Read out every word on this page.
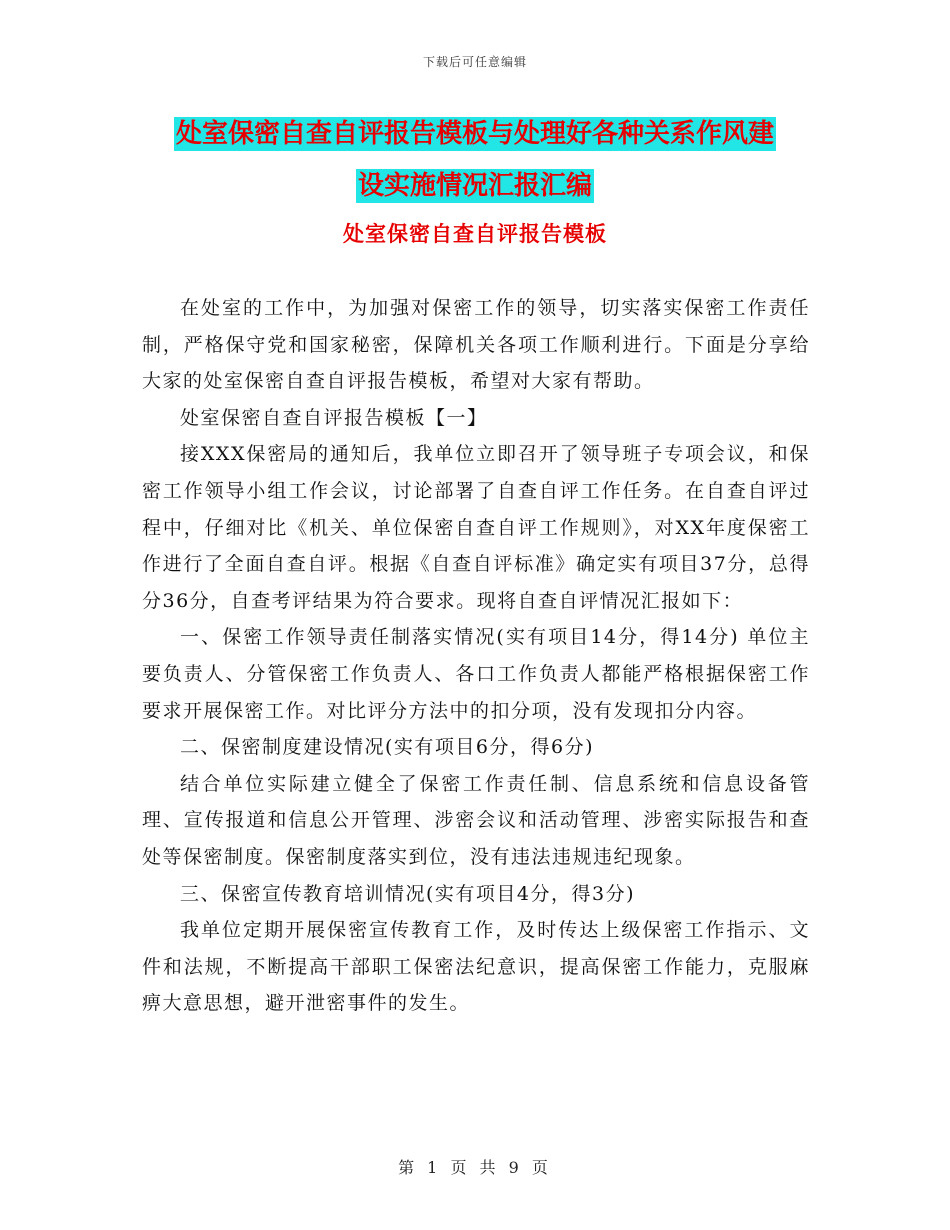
下载后可任意编辑
处室保密自查自评报告模板与处理好各种关系作风建
设实施情况汇报汇编
处室保密自查自评报告模板

在处室的工作中，为加强对保密工作的领导，切实落实保密工作责任制，严格保守党和国家秘密，保障机关各项工作顺利进行。下面是分享给大家的处室保密自查自评报告模板，希望对大家有帮助。

处室保密自查自评报告模板【一】

接XXX保密局的通知后，我单位立即召开了领导班子专项会议，和保密工作领导小组工作会议，讨论部署了自查自评工作任务。在自查自评过程中，仔细对比《机关、单位保密自查自评工作规则》，对XX年度保密工作进行了全面自查自评。根据《自查自评标准》确定实有项目37分，总得分36分，自查考评结果为符合要求。现将自查自评情况汇报如下：

一、保密工作领导责任制落实情况(实有项目14分，得14分) 单位主要负责人、分管保密工作负责人、各口工作负责人都能严格根据保密工作要求开展保密工作。对比评分方法中的扣分项，没有发现扣分内容。

二、保密制度建设情况(实有项目6分，得6分)

结合单位实际建立健全了保密工作责任制、信息系统和信息设备管理、宣传报道和信息公开管理、涉密会议和活动管理、涉密实际报告和查处等保密制度。保密制度落实到位，没有违法违规违纪现象。

三、保密宣传教育培训情况(实有项目4分，得3分)

我单位定期开展保密宣传教育工作，及时传达上级保密工作指示、文件和法规，不断提高干部职工保密法纪意识，提高保密工作能力，克服麻痹大意思想，避开泄密事件的发生。

第 1 页 共 9 页
